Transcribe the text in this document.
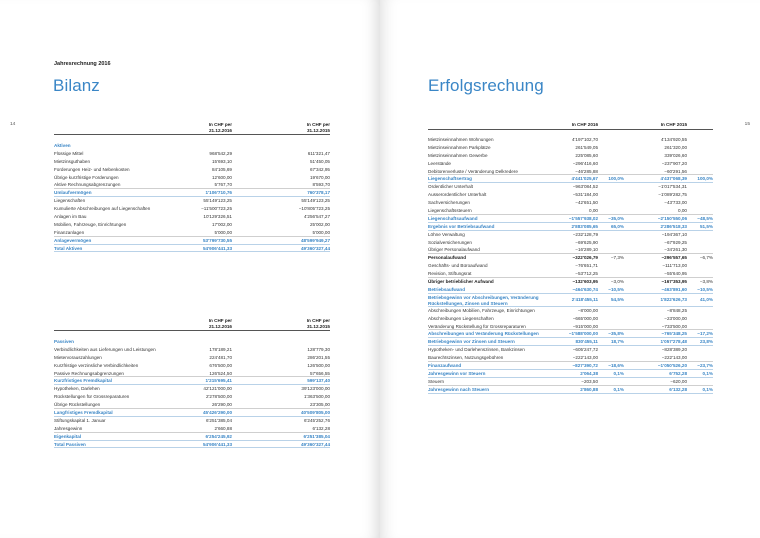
14
Jahresrechnung 2016
Bilanz
In CHF per
21.12.2016
In CHF per
31.12.2015
Aktiven
Flüssige Mittel	968'542,29	611'321,47
Mietzinsguthaben	15'693,10	51'450,05
Forderungen Heiz- und Nebenkosten	84'105,69	67'342,95
Übrige kurzfristige Forderungen	12'600,00	19'670,00
Aktive Rechnungsabgrenzungen	5'767,70	8'593,70
Umlaufvermögen	1'106'710,76	760'378,17
Liegenschaften	55'149'123,25	55'149'123,25
Kumulierte Abschreibungen auf Liegenschaften	−11'500'723,25	−10'805'723,25
Anlagen im Bau	10'129'326,51	4'256'547,27
Mobilien, Fahrzeuge, Einrichtungen	17'002,00	25'002,00
Finanzanlagen	5'000,00	5'000,00
Anlagevermögen	53'799'730,55	48'599'949,27
Total Aktiven	54'906'441,33	49'360'327,44
In CHF per
21.12.2016
In CHF per
31.12.2015
Passiven
Verbindlichkeiten aus Lieferungen und Leistungen	178'189,21	128'779,30
Mietervorauszahlungen	224'481,70	286'201,55
Kurzfristige verzinsliche Verbindlichkeiten	676'500,00	126'500,00
Passive Rechnungsabgrenzungen	126'524,50	57'656,55
Kurzfristiges Fremdkapital	1'215'695,41	599'137,40
Hypotheken, Darlehen	42'121'000,00	39'123'000,00
Rückstellungen für Grossreparaturen	2'278'500,00	1'363'500,00
Übrige Rückstellungen	26'290,00	23'305,00
Langfristiges Fremdkapital	45'426'290,00	40'509'805,00
Stiftungskapital 1. Januar	6'251'385,04	6'245'252,76
Jahresgewinn	2'660,88	6'132,28
Eigenkapital	6'254'245,92	6'251'385,04
Total Passiven	54'906'441,33	49'360'327,44
15
Erfolgsrechung
In CHF 2016	In CHF 2015
Mietzinseinnahmen Wohnungen	4'197'102,70	4'134'920,55
Mietzinseinnahmen Parkplätze	261'549,05	261'320,00
Mietzinseinnahmen Gewerbe	225'085,60	339'026,60
Leerstände	−296'416,60	−237'907,20
Debitorenverluste / Veränderung Delkredere	−46'285,88	−60'291,56
Liegenschaftsertrag	4'441'025,67 100,0%	4'437'068,39 100,0%
Ordentlicher Unterhalt	−963'084,52	−1'017'534,31
Ausserordentlicher Unterhalt	−531'184,00	−1'089'282,75
Sachversicherungen	−42'651,50	−43'733,00
Liegenschaftssteuern	0,00	0,00
Liegenschaftsaufwand	−1'557'938,02 −35,0%	−2'150'550,06 −48,5%
Ergebnis vor Betriebsaufwand	2'883'085,65	65,0%	2'286'518,33	51,5%
Löhne Verwaltung	−232'128,79	−194'367,10
Sozialversicherungen	−69'625,90	−67'929,25
Übriger Personalaufwand	−16'289,10	−34'261,30
Personalaufwand	−322'026,79	−7,3%	−296'557,65	−6,7%
Geschäfts- und Büroaufwand	−76'651,71	−111'713,00
Revision, Stiftungsrat	−53'712,25	−55'640,95
Übriger betrieblicher Aufwand	−132'603,95	−3,0%	−167'353,95	−3,8%
Betriebsaufwand	−464'630,74 −10,5%	−463'891,60 −10,5%
Betriebsgewinn vor Abschreibungen, Veränderung Rückstellungen, Zinsen und Steuern
2'418'455,11	54,5%	1'822'626,73	41,0%
Abschreibungen Mobilien, Fahrzeuge, Einrichtungen	−8'000,00	−8'848,25
Abschreibungen Liegenschaften	−665'000,00	−23'000,00
Veränderung Rückstellung für Grossreparaturen	−915'000,00	−733'500,00
Abschreibungen und Veränderung Rückstellungen	−1'588'000,00 −35,8%	−765'348,25 −17,2%
Betriebsgewinn vor Zinsen und Steuern	830'455,11	18,7%	1'057'278,48	23,8%
Hypotheken- und Darlehenszinsen, Bankzinsen	−605'247,72	−828'389,20
Baurechtszinsen, Nutzungsgebühren	−222'143,00	−222'143,00
Finanzaufwand	−827'390,72 −18,6%	−1'050'526,20 −23,7%
Jahresgewinn vor Steuern	2'064,38	0,1%	6'752,28	0,1%
Steuern	−203,50	−620,00
Jahresgewinn nach Steuern	2'860,88	0,1%	6'132,28	0,1%
